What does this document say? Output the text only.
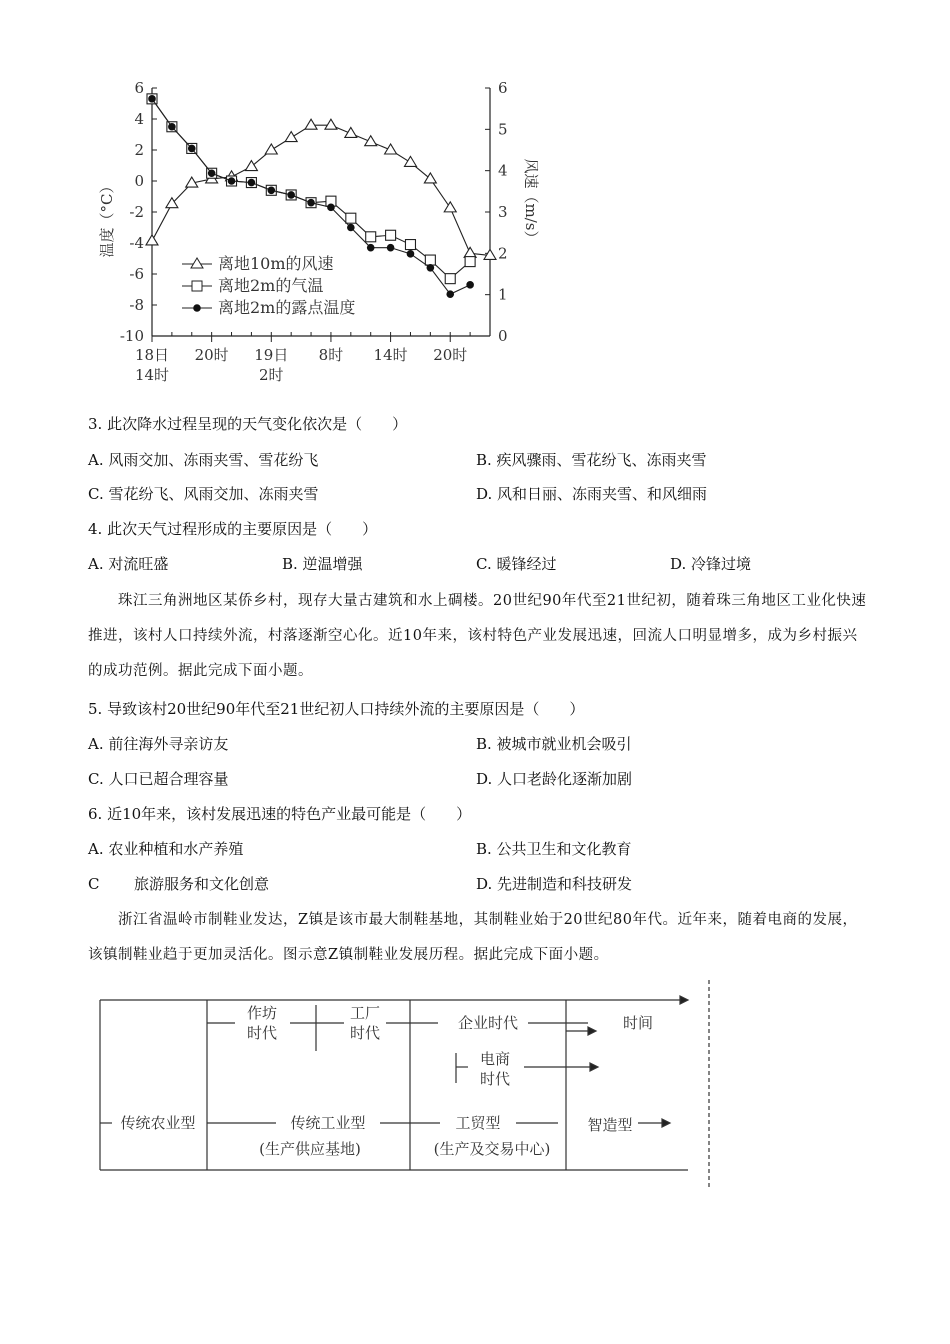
6
4
2
0
-2
-4
-6
-8
-10
6
5
4
3
2
1
0
18日
14时
20时 19日
2时
8时 14时 20时
温度（°C）	风速（m/s）
离地10m的风速
离地2m的气温
离地2m的露点温度
3. 此次降水过程呈现的天气变化依次是（　　）
A. 风雨交加、冻雨夹雪、雪花纷飞	B. 疾风骤雨、雪花纷飞、冻雨夹雪
C. 雪花纷飞、风雨交加、冻雨夹雪	D. 风和日丽、冻雨夹雪、和风细雨
4. 此次天气过程形成的主要原因是（　　）
A. 对流旺盛	B. 逆温增强	C. 暖锋经过	D. 冷锋过境
珠江三角洲地区某侨乡村，现存大量古建筑和水上碉楼。20世纪90年代至21世纪初，随着珠三角地区工业化快速推进，该村人口持续外流，村落逐渐空心化。近10年来，该村特色产业发展迅速，回流人口明显增多，成为乡村振兴的成功范例。据此完成下面小题。
5. 导致该村20世纪90年代至21世纪初人口持续外流的主要原因是（　　）
A. 前往海外寻亲访友	B. 被城市就业机会吸引
C. 人口已超合理容量	D. 人口老龄化逐渐加剧
6. 近10年来，该村发展迅速的特色产业最可能是（　　）
A. 农业种植和水产养殖	B. 公共卫生和文化教育
C 旅游服务和文化创意	D. 先进制造和科技研发
浙江省温岭市制鞋业发达，Z镇是该市最大制鞋基地，其制鞋业始于20世纪80年代。近年来，随着电商的发展，该镇制鞋业趋于更加灵活化。图示意Z镇制鞋业发展历程。据此完成下面小题。
作坊
时代
工厂
时代
企业时代	时间
电商
时代
传统农业型	传统工业型
(生产供应基地)
工贸型
(生产及交易中心)
智造型
